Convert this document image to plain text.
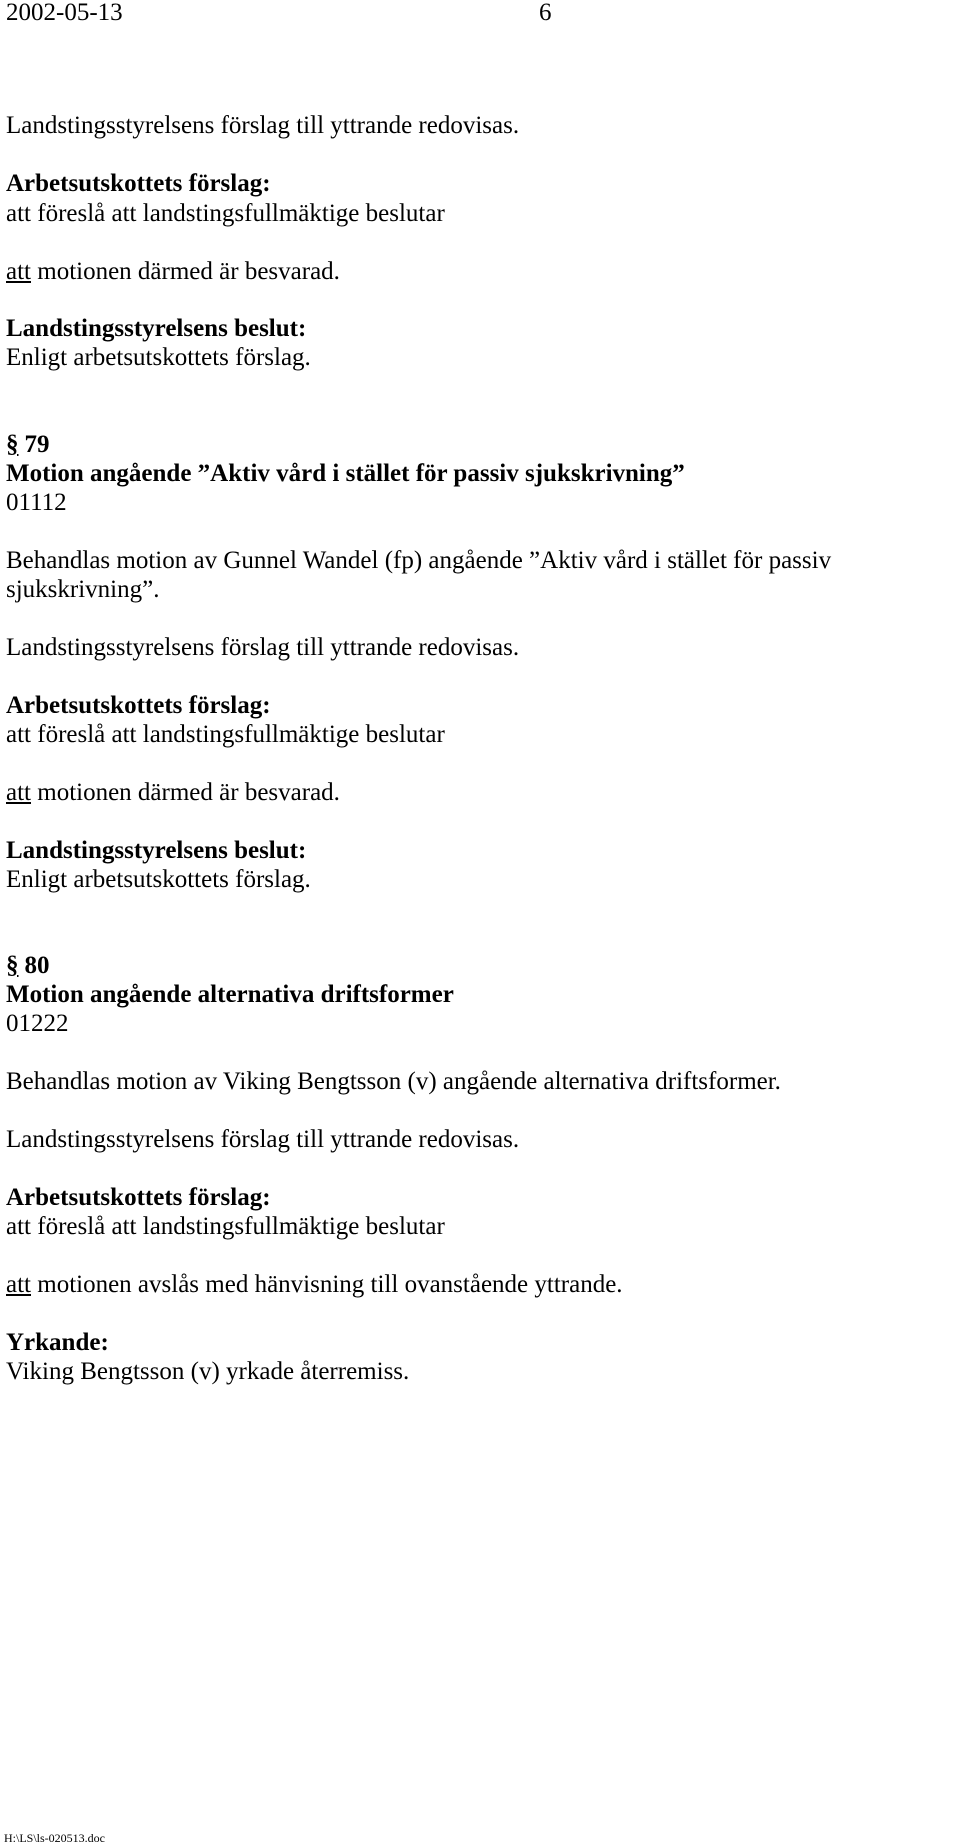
2002-05-13	6
Landstingsstyrelsens förslag till yttrande redovisas.
Arbetsutskottets förslag:
att föreslå att landstingsfullmäktige beslutar
att motionen därmed är besvarad.
Landstingsstyrelsens beslut:
Enligt arbetsutskottets förslag.
§ 79
Motion angående ”Aktiv vård i stället för passiv sjukskrivning”
01112
Behandlas motion av Gunnel Wandel (fp) angående ”Aktiv vård i stället för passiv
sjukskrivning”.
Landstingsstyrelsens förslag till yttrande redovisas.
Arbetsutskottets förslag:
att föreslå att landstingsfullmäktige beslutar
att motionen därmed är besvarad.
Landstingsstyrelsens beslut:
Enligt arbetsutskottets förslag.
§ 80
Motion angående alternativa driftsformer
01222
Behandlas motion av Viking Bengtsson (v) angående alternativa driftsformer.
Landstingsstyrelsens förslag till yttrande redovisas.
Arbetsutskottets förslag:
att föreslå att landstingsfullmäktige beslutar
att motionen avslås med hänvisning till ovanstående yttrande.
Yrkande:
Viking Bengtsson (v) yrkade återremiss.
H:\LS\ls-020513.doc
